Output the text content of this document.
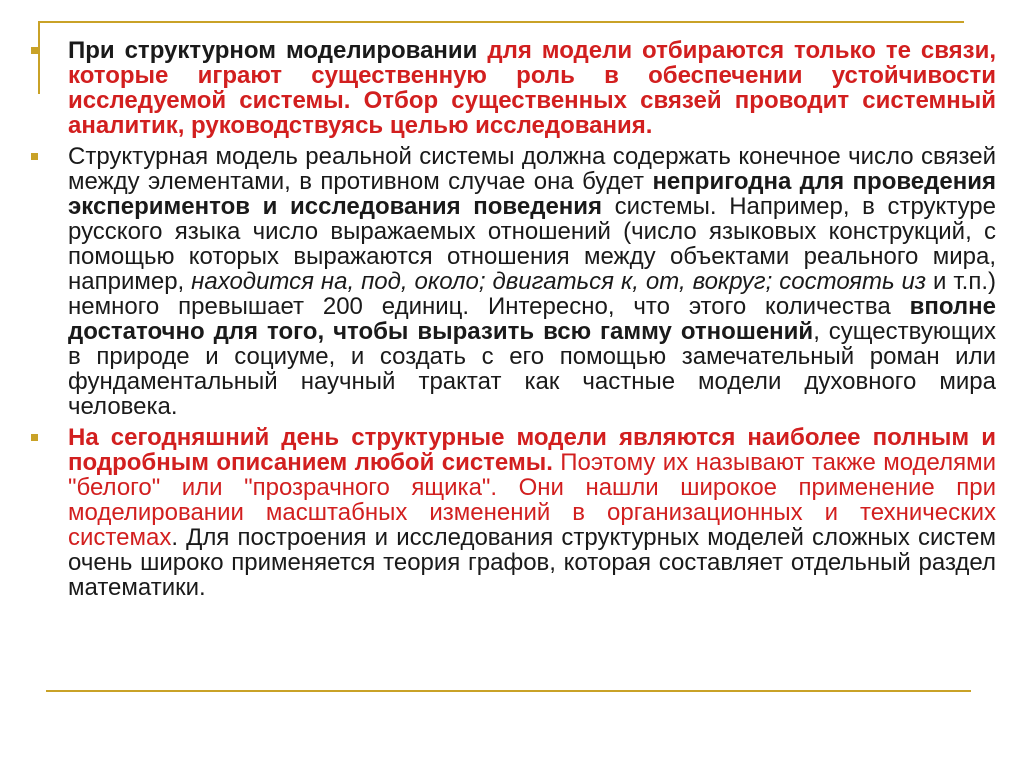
При структурном моделировании для модели отбираются только те связи, которые играют существенную роль в обеспечении устойчивости исследуемой системы. Отбор существенных связей проводит системный аналитик, руководствуясь целью исследования.
Структурная модель реальной системы должна содержать конечное число связей между элементами, в противном случае она будет непригодна для проведения экспериментов и исследования поведения системы. Например, в структуре русского языка число выражаемых отношений (число языковых конструкций, с помощью которых выражаются отношения между объектами реального мира, например, находится на, под, около; двигаться к, от, вокруг; состоять из и т.п.) немного превышает 200 единиц. Интересно, что этого количества вполне достаточно для того, чтобы выразить всю гамму отношений, существующих в природе и социуме, и создать с его помощью замечательный роман или фундаментальный научный трактат как частные модели духовного мира человека.
На сегодняшний день структурные модели являются наиболее полным и подробным описанием любой системы. Поэтому их называют также моделями "белого" или "прозрачного ящика". Они нашли широкое применение при моделировании масштабных изменений в организационных и технических системах. Для построения и исследования структурных моделей сложных систем очень широко применяется теория графов, которая составляет отдельный раздел математики.
